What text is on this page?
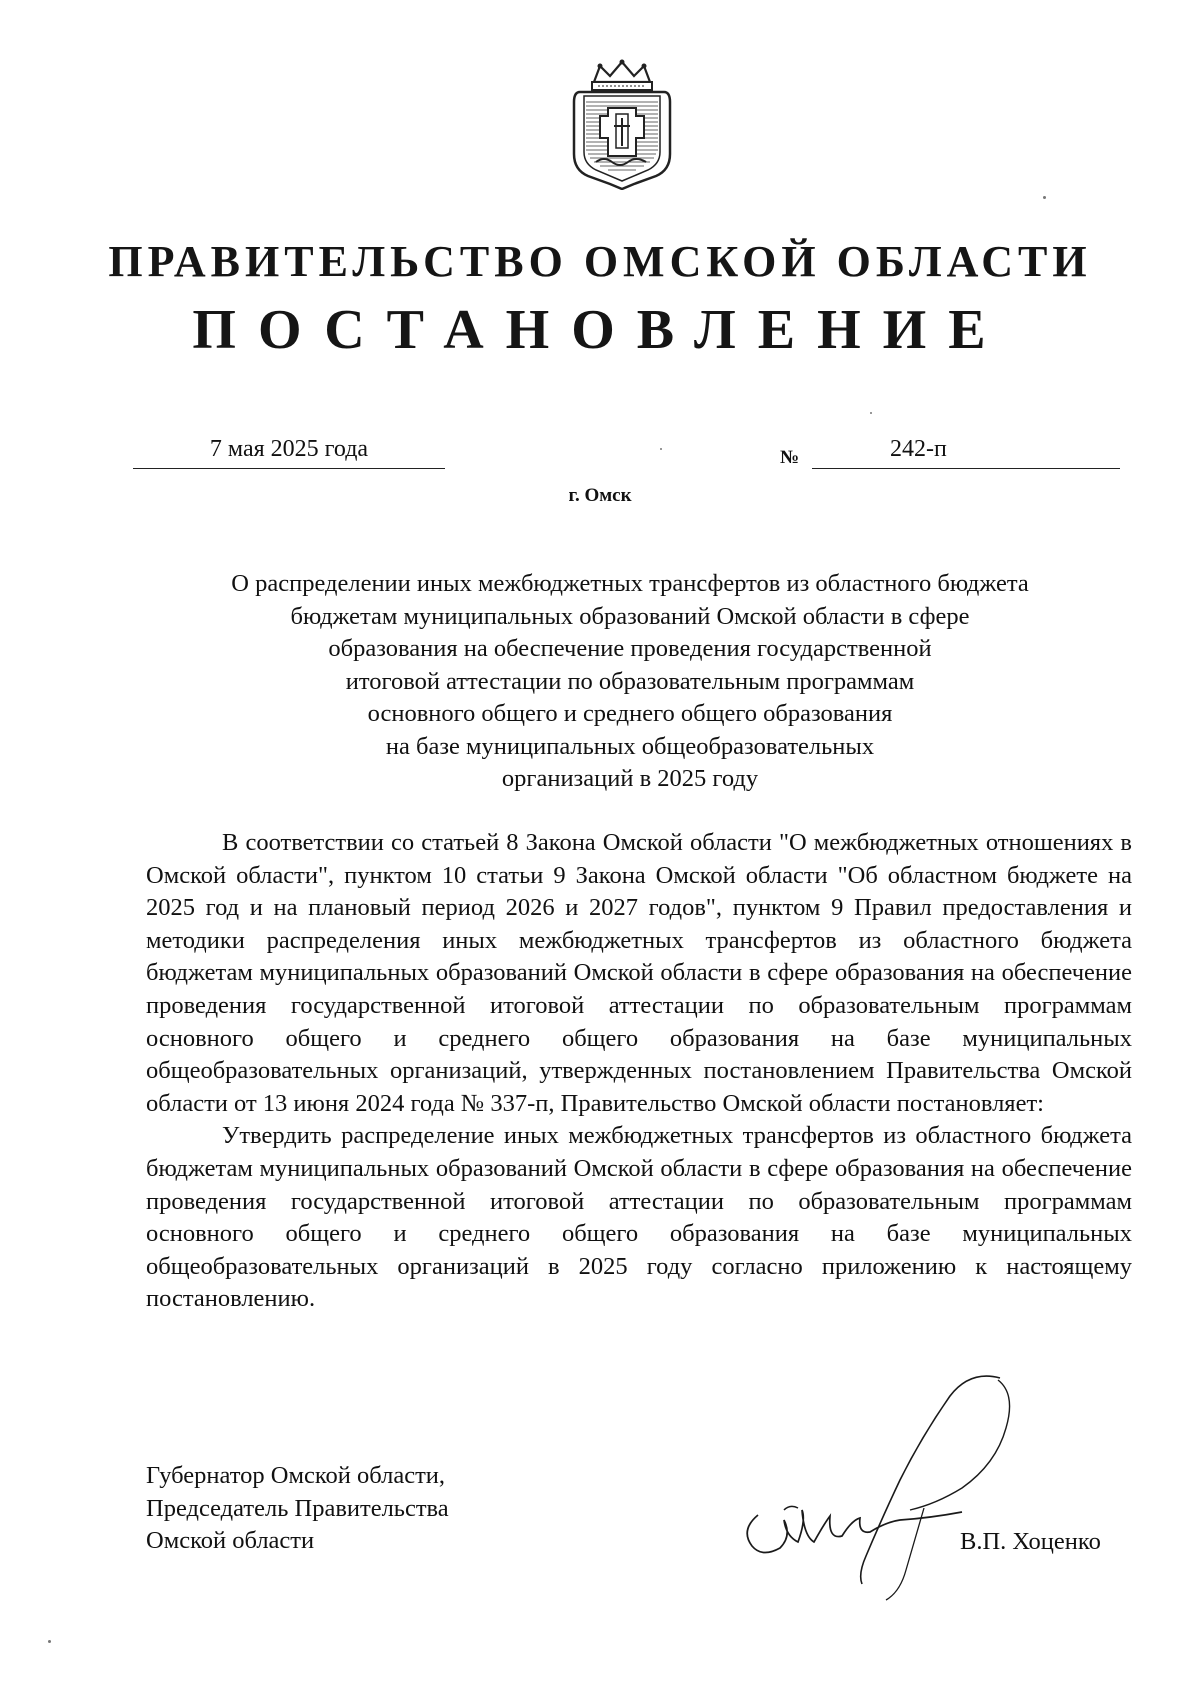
ПРАВИТЕЛЬСТВО ОМСКОЙ ОБЛАСТИ
ПОСТАНОВЛЕНИЕ
7 мая 2025 года	№	242-п
г. Омск
О распределении иных межбюджетных трансфертов из областного бюджета
бюджетам муниципальных образований Омской области в сфере
образования на обеспечение проведения государственной
итоговой аттестации по образовательным программам
основного общего и среднего общего образования
на базе муниципальных общеобразовательных
организаций в 2025 году

В соответствии со статьей 8 Закона Омской области "О межбюджетных отношениях в Омской области", пунктом 10 статьи 9 Закона Омской области "Об областном бюджете на 2025 год и на плановый период 2026 и 2027 годов", пунктом 9 Правил предоставления и методики распределения иных межбюджетных трансфертов из областного бюджета бюджетам муниципальных образований Омской области в сфере образования на обеспечение проведения государственной итоговой аттестации по образовательным программам основного общего и среднего общего образования на базе муниципальных общеобразовательных организаций, утвержденных постановлением Правительства Омской области от 13 июня 2024 года № 337-п, Правительство Омской области постановляет:

Утвердить распределение иных межбюджетных трансфертов из областного бюджета бюджетам муниципальных образований Омской области в сфере образования на обеспечение проведения государственной итоговой аттестации по образовательным программам основного общего и среднего общего образования на базе муниципальных общеобразовательных организаций в 2025 году согласно приложению к настоящему постановлению.

Губернатор Омской области,
Председатель Правительства
Омской области	В.П. Хоценко
